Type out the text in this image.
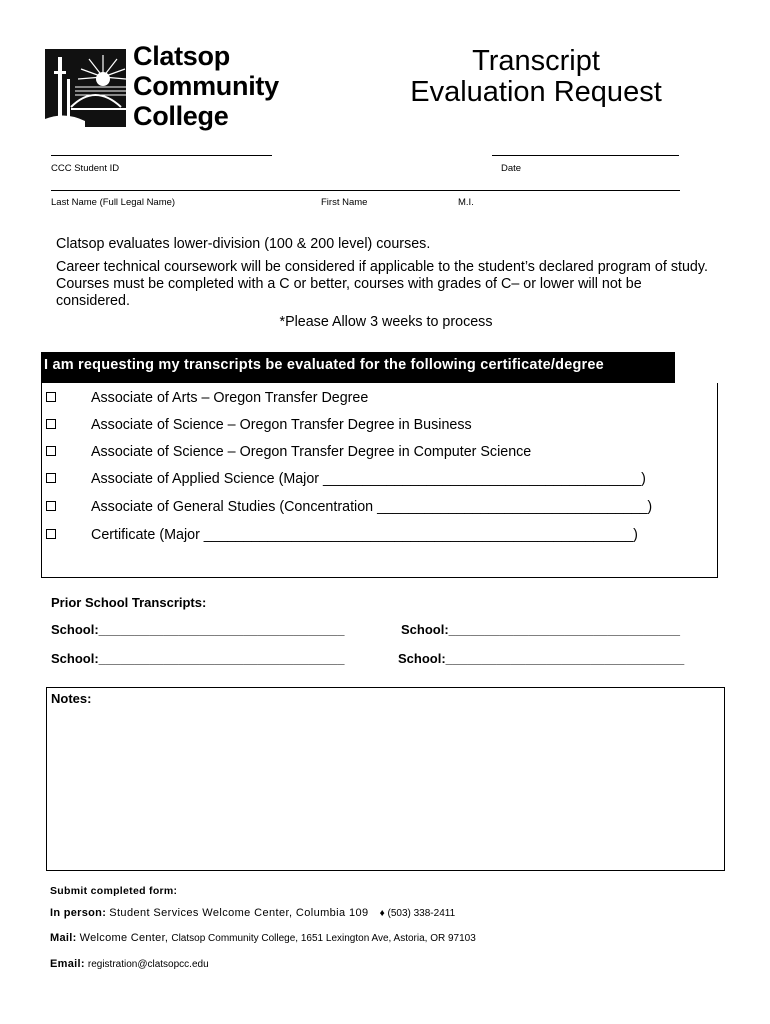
Clatsop
Community
College
Transcript
Evaluation Request
CCC Student ID	Date
Last Name (Full Legal Name)	First Name	M.I.
Clatsop evaluates lower-division (100 & 200 level) courses.
Career technical coursework will be considered if applicable to the student’s declared program of study. Courses must be completed with a C or better, courses with grades of C– or lower will not be considered.
*Please Allow 3 weeks to process
I am requesting my transcripts be evaluated for the following certificate/degree
Associate of Arts – Oregon Transfer Degree
Associate of Science – Oregon Transfer Degree in Business
Associate of Science – Oregon Transfer Degree in Computer Science
Associate of Applied Science (Major ________________________________________)
Associate of General Studies (Concentration __________________________________)
Certificate (Major ______________________________________________________)
Prior School Transcripts:
School:__________________________________	School:________________________________
School:__________________________________	School:_________________________________
Notes:
Submit completed form:
In person: Student Services Welcome Center, Columbia 109 ♦ (503) 338-2411
Mail: Welcome Center, Clatsop Community College, 1651 Lexington Ave, Astoria, OR 97103
Email: registration@clatsopcc.edu
